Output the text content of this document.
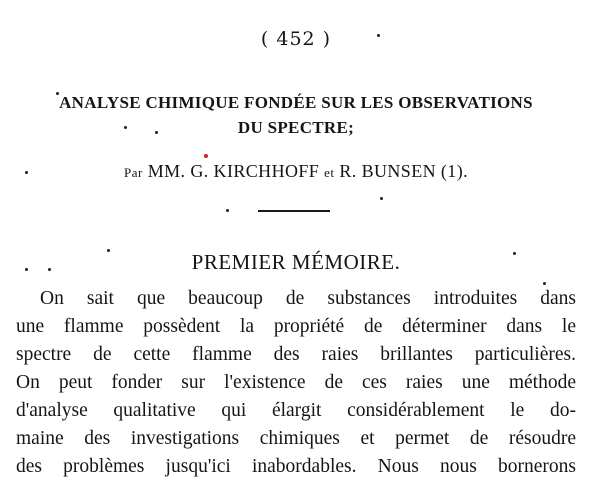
( 452 )
ANALYSE CHIMIQUE FONDÉE SUR LES OBSERVATIONS
DU SPECTRE;
Par MM. G. KIRCHHOFF et R. BUNSEN (1).
PREMIER MÉMOIRE.
On sait que beaucoup de substances introduites dans
une flamme possèdent la propriété de déterminer dans le
spectre de cette flamme des raies brillantes particulières.
On peut fonder sur l'existence de ces raies une méthode
d'analyse qualitative qui élargit considérablement le do-
maine des investigations chimiques et permet de résoudre
des problèmes jusqu'ici inabordables. Nous nous bornerons
